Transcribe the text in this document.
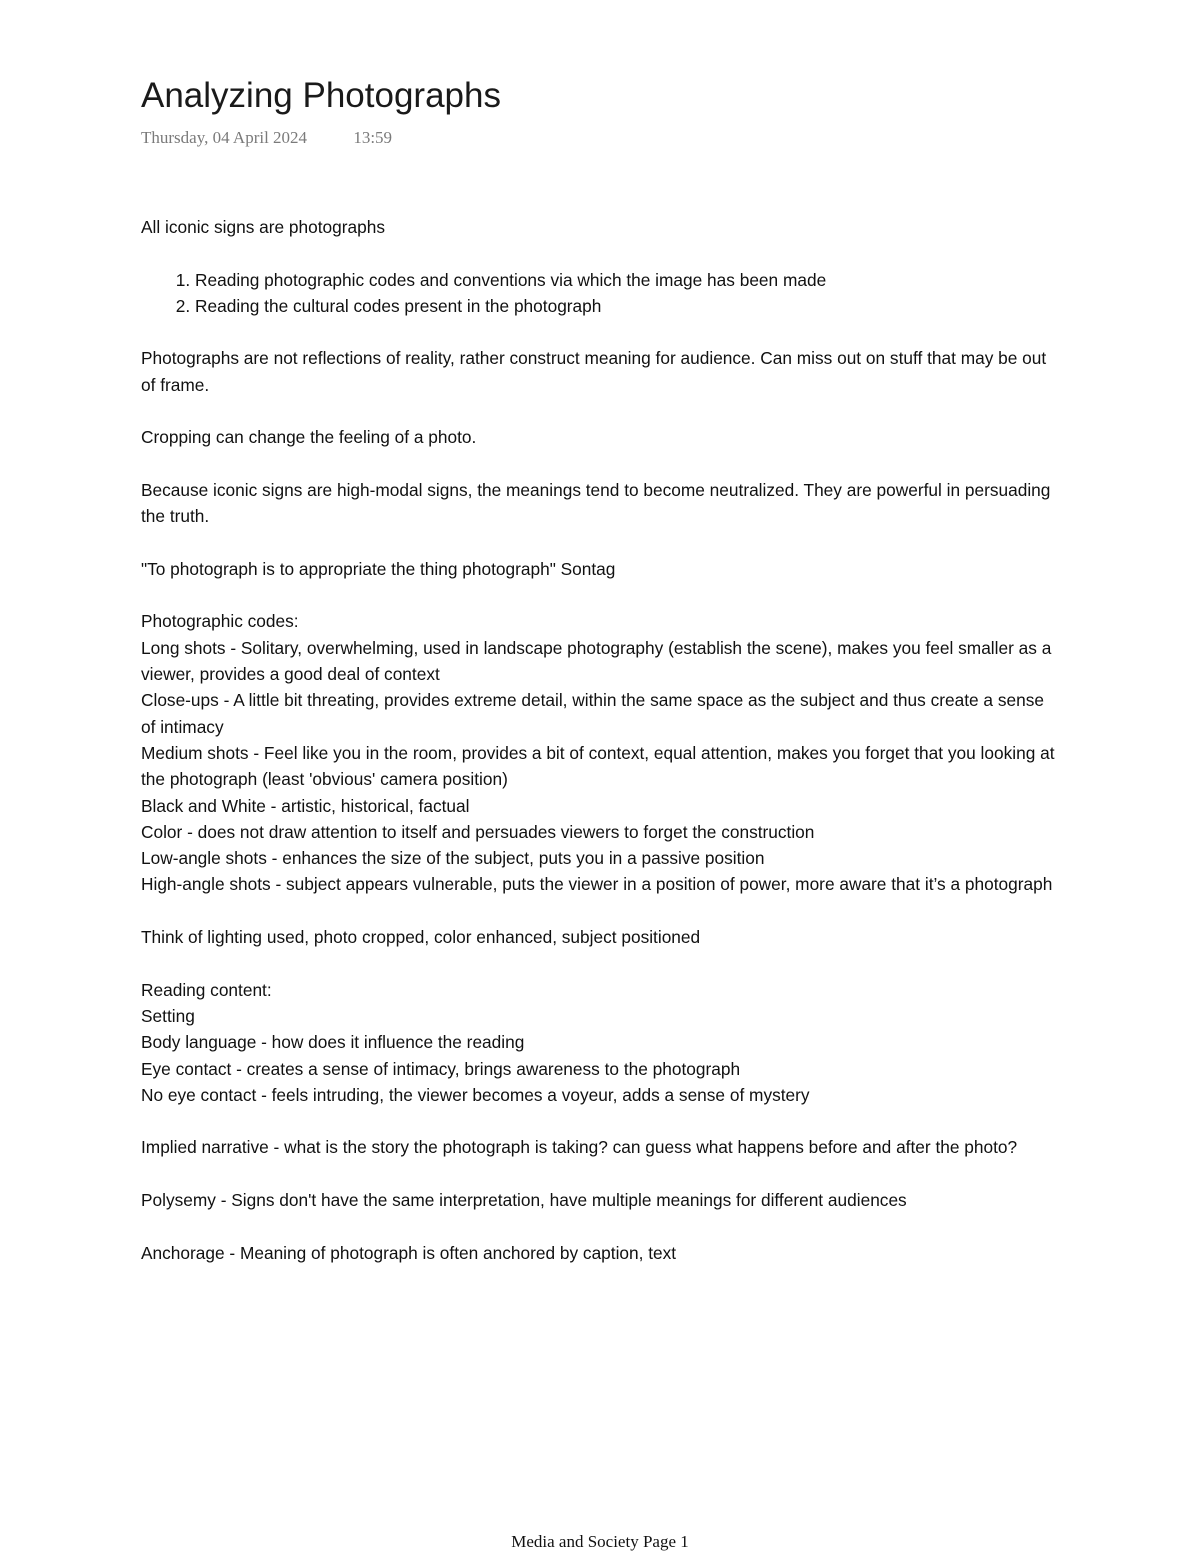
Analyzing Photographs
Thursday, 04 April 2024	13:59

All iconic signs are photographs

1. Reading photographic codes and conventions via which the image has been made
2. Reading the cultural codes present in the photograph

Photographs are not reflections of reality, rather construct meaning for audience. Can miss out on stuff that may be out of frame.

Cropping can change the feeling of a photo.

Because iconic signs are high-modal signs, the meanings tend to become neutralized. They are powerful in persuading the truth.

"To photograph is to appropriate the thing photograph" Sontag

Photographic codes:

Long shots - Solitary, overwhelming, used in landscape photography (establish the scene), makes you feel smaller as a viewer, provides a good deal of context

Close-ups - A little bit threating, provides extreme detail, within the same space as the subject and thus create a sense of intimacy

Medium shots - Feel like you in the room, provides a bit of context, equal attention, makes you forget that you looking at the photograph (least 'obvious' camera position)

Black and White - artistic, historical, factual

Color - does not draw attention to itself and persuades viewers to forget the construction

Low-angle shots - enhances the size of the subject, puts you in a passive position

High-angle shots - subject appears vulnerable, puts the viewer in a position of power, more aware that it’s a photograph

Think of lighting used, photo cropped, color enhanced, subject positioned

Reading content:

Setting

Body language - how does it influence the reading

Eye contact - creates a sense of intimacy, brings awareness to the photograph

No eye contact - feels intruding, the viewer becomes a voyeur, adds a sense of mystery

Implied narrative - what is the story the photograph is taking? can guess what happens before and after the photo?

Polysemy - Signs don't have the same interpretation, have multiple meanings for different audiences

Anchorage - Meaning of photograph is often anchored by caption, text

Media and Society Page 1
